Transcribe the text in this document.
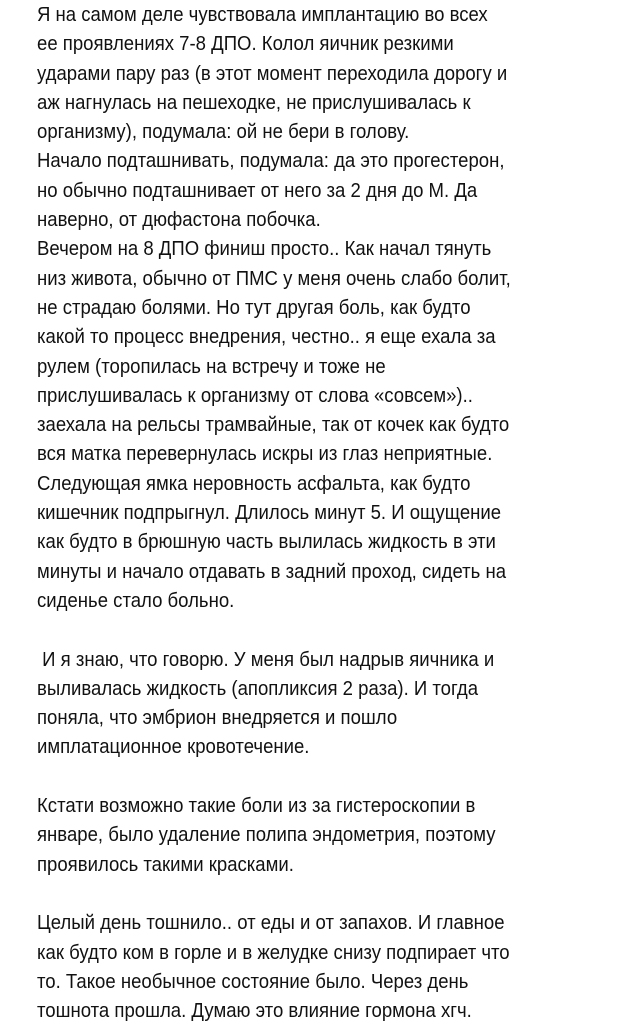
Я на самом деле чувствовала имплантацию во всех
ее проявлениях 7-8 ДПО. Колол яичник резкими
ударами пару раз (в этот момент переходила дорогу и
аж нагнулась на пешеходке, не прислушивалась к
организму), подумала: ой не бери в голову.
Начало подташнивать, подумала: да это прогестерон,
но обычно подташнивает от него за 2 дня до М. Да
наверно, от дюфастона побочка.
Вечером на 8 ДПО финиш просто.. Как начал тянуть
низ живота, обычно от ПМС у меня очень слабо болит,
не страдаю болями. Но тут другая боль, как будто
какой то процесс внедрения, честно.. я еще ехала за
рулем (торопилась на встречу и тоже не
прислушивалась к организму от слова «совсем»)..
заехала на рельсы трамвайные, так от кочек как будто
вся матка перевернулась искры из глаз неприятные.
Следующая ямка неровность асфальта, как будто
кишечник подпрыгнул. Длилось минут 5. И ощущение
как будто в брюшную часть вылилась жидкость в эти
минуты и начало отдавать в задний проход, сидеть на
сиденье стало больно.
И я знаю, что говорю. У меня был надрыв яичника и
выливалась жидкость (апопликсия 2 раза). И тогда
поняла, что эмбрион внедряется и пошло
имплатационное кровотечение.
Кстати возможно такие боли из за гистероскопии в
январе, было удаление полипа эндометрия, поэтому
проявилось такими красками.
Целый день тошнило.. от еды и от запахов. И главное
как будто ком в горле и в желудке снизу подпирает что
то. Такое необычное состояние было. Через день
тошнота прошла. Думаю это влияние гормона хгч.
